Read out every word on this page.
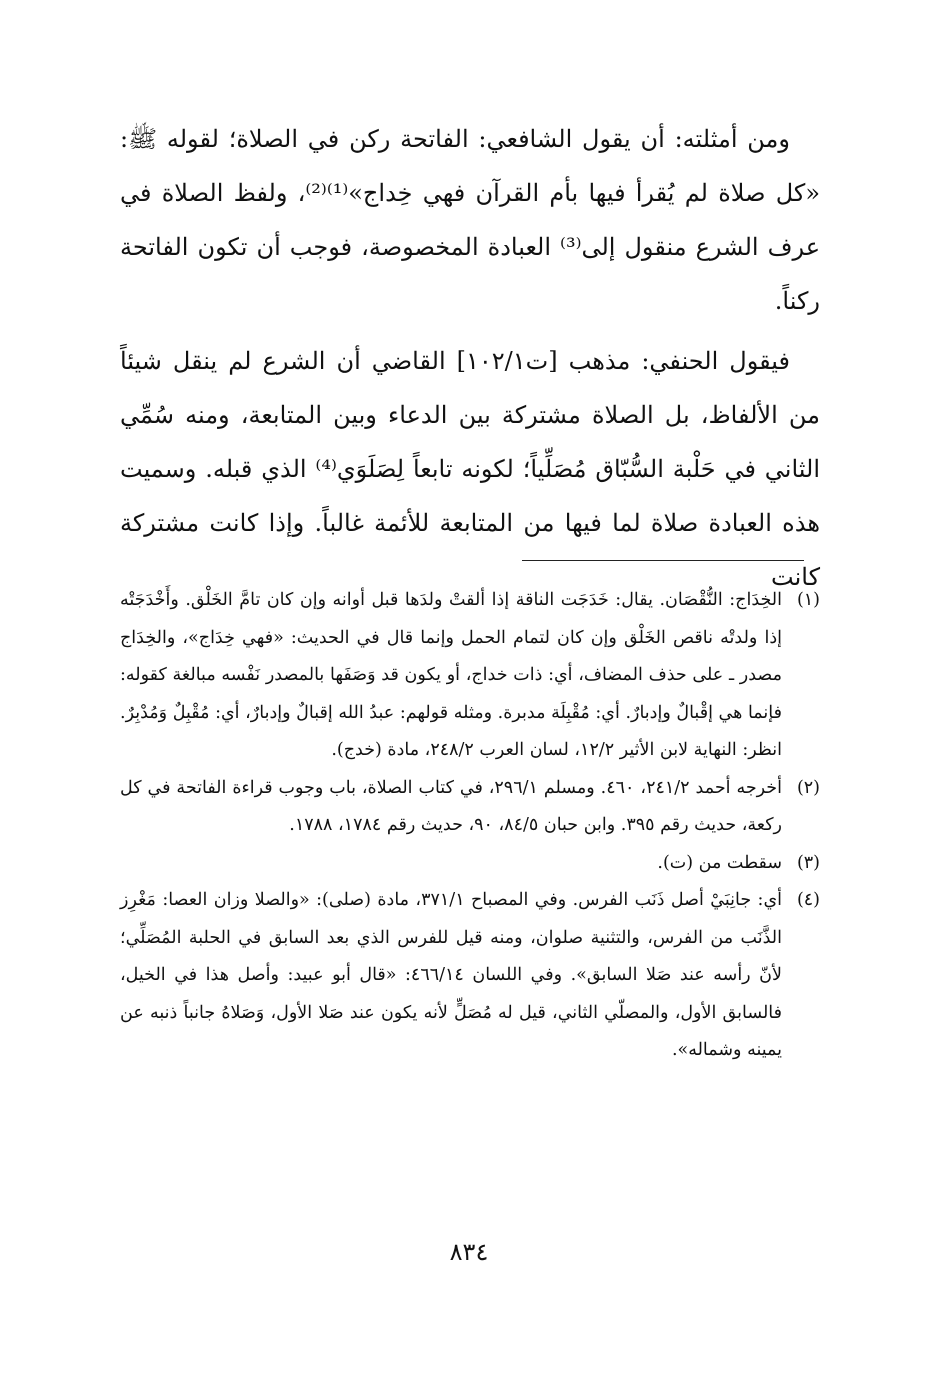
ومن أمثلته: أن يقول الشافعي: الفاتحة ركن في الصلاة؛ لقوله ﷺ: «كل صلاة لم يُقرأ فيها بأم القرآن فهي خِداج»⁽¹⁾⁽²⁾، ولفظ الصلاة في عرف الشرع منقول إلى⁽³⁾ العبادة المخصوصة، فوجب أن تكون الفاتحة ركناً.

فيقول الحنفي: مذهب [ت١٠٢/١] القاضي أن الشرع لم ينقل شيئاً من الألفاظ، بل الصلاة مشتركة بين الدعاء وبين المتابعة، ومنه سُمِّي الثاني في حَلْبة السُّبّاق مُصَلِّياً؛ لكونه تابعاً لِصَلَوَي⁽⁴⁾ الذي قبله. وسميت هذه العبادة صلاة لما فيها من المتابعة للأئمة غالباً. وإذا كانت مشتركة كانت

(١)
الخِدَاج: النُّقْصَان. يقال: خَدَجَت الناقة إذا ألقتْ ولدَها قبل أوانه وإن كان تامَّ الخَلْق. وأَخْدَجَتْه إذا ولدتْه ناقص الخَلْق وإن كان لتمام الحمل وإنما قال في الحديث: «فهي خِدَاج»، والخِدَاج مصدر ـ على حذف المضاف، أي: ذات خداج، أو يكون قد وَصَفَها بالمصدر نَفْسه مبالغة كقوله: فإنما هي إقْبالٌ وإدبارٌ. أي: مُقْبِلَة مدبرة. ومثله قولهم: عبدُ الله إقبالٌ وإدبارٌ، أي: مُقْبِلٌ وَمُدْبِرٌ. انظر: النهاية لابن الأثير ١٢/٢، لسان العرب ٢٤٨/٢، مادة (خدج).
(٢)
أخرجه أحمد ٢٤١/٢، ٤٦٠. ومسلم ٢٩٦/١، في كتاب الصلاة، باب وجوب قراءة الفاتحة في كل ركعة، حديث رقم ٣٩٥. وابن حبان ٨٤/٥، ٩٠، حديث رقم ١٧٨٤، ١٧٨٨.
(٣)
سقطت من (ت).
(٤)
أي: جانِبَيْ أصل ذَنَب الفرس. وفي المصباح ٣٧١/١، مادة (صلى): «والصلا وزان العصا: مَغْرِز الذَّنَب من الفرس، والتثنية صلوان، ومنه قيل للفرس الذي بعد السابق في الحلبة المُصَلِّي؛ لأنّ رأسه عند صَلا السابق». وفي اللسان ٤٦٦/١٤: «قال أبو عبيد: وأصل هذا في الخيل، فالسابق الأول، والمصلّي الثاني، قيل له مُصَلٍّ لأنه يكون عند صَلا الأول، وَصَلاهُ جانباً ذنبه عن يمينه وشماله».
٨٣٤
